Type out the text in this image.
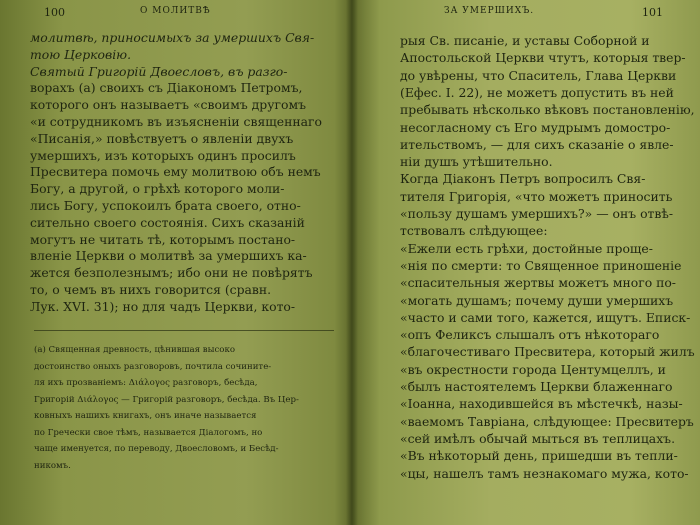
100	О МОЛИТВѢ
молитвѣ, приносимыхъ за умершихъ Свя-
тою Церковію.
Святый Григорій Двоесловъ, въ разго-
ворахъ (а) своихъ съ Діакономъ Петромъ,
которого онъ называетъ «своимъ другомъ
«и сотрудникомъ въ изъясненіи священнаго
«Писанія,» повѣствуетъ о явленіи двухъ
умершихъ, изъ которыхъ одинъ просилъ
Пресвитера помочь ему молитвою объ немъ
Богу, а другой, о грѣхѣ которого моли-
лись Богу, успокоилъ брата своего, отно-
сительно своего состоянія. Сихъ сказаній
могутъ не читать тѣ, которымъ постано-
вленіе Церкви о молитвѣ за умершихъ ка-
жется безполезнымъ; ибо они не повѣрятъ
то, о чемъ въ нихъ говорится (сравн.
Лук. XVI. 31); но для чадъ Церкви, кото-
(а) Священная древность, цѣнившая высоко
достоинство оныхъ разговоровъ, почтила сочините-
ля ихъ прозваніемъ: Διάλογος разговоръ, бесѣда,
Григорій Διάλογος — Григорій разговоръ, бесѣда. Въ Цер-
ковныхъ нашихъ книгахъ, онъ иначе называется
по Гречески свое тѣмъ, называется Діалогомъ, но
чаще именуется, по переводу, Двоесловомъ, и Бесѣд-
никомъ.
ЗА УМЕРШИХЪ.	101
рыя Св. писаніе, и уставы Соборной и
Апостольской Церкви чтутъ, которыя твер-
до увѣрены, что Спаситель, Глава Церкви
(Ефес. I. 22), не можетъ допустить въ ней
пребывать нѣсколько вѣковъ постановленію,
несогласному съ Его мудрымъ домостро-
ительствомъ, — для сихъ сказаніе о явле-
ніи душъ утѣшительно.
Когда Діаконъ Петръ вопросилъ Свя-
тителя Григорія, «что можетъ приносить
«пользу душамъ умершихъ?» — онъ отвѣ-
тствовалъ слѣдующее:
«Ежели есть грѣхи, достойные проще-
«нія по смерти: то Священное приношеніе
«спасительныя жертвы можетъ много по-
«могать душамъ; почему души умершихъ
«часто и сами того, кажется, ищутъ. Еписк-
«опъ Феликсъ слышалъ отъ нѣкотораго
«благочестиваго Пресвитера, который жилъ
«въ окрестности города Центумцеллъ, и
«былъ настоятелемъ Церкви блаженнаго
«Іоанна, находившейся въ мѣстечкѣ, назы-
«ваемомъ Тавріана, слѣдующее: Пресвитеръ
«сей имѣлъ обычай мыться въ теплицахъ.
«Въ нѣкоторый день, пришедши въ тепли-
«цы, нашелъ тамъ незнакомаго мужа, кото-
